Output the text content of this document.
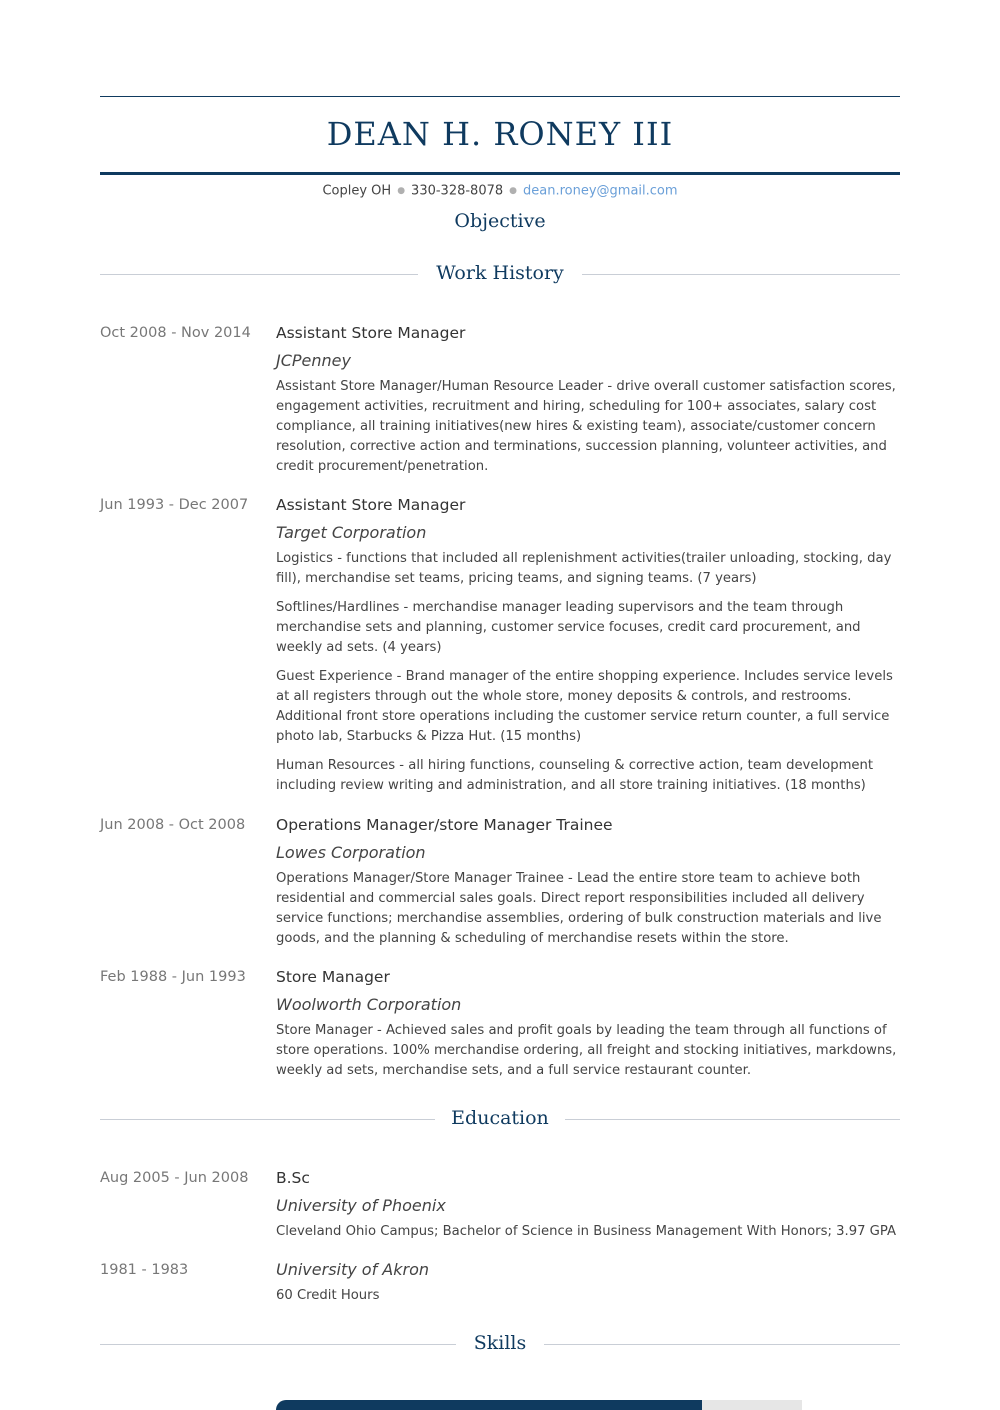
DEAN H. RONEY III
Copley OH ● 330-328-8078 ● dean.roney@gmail.com
Objective
Work History
Oct 2008 - Nov 2014	Assistant Store Manager

JCPenney

Assistant Store Manager/Human Resource Leader - drive overall customer satisfaction scores, engagement activities, recruitment and hiring, scheduling for 100+ associates, salary cost compliance, all training initiatives(new hires & existing team), associate/customer concern resolution, corrective action and terminations, succession planning, volunteer activities, and credit procurement/penetration.

Jun 1993 - Dec 2007	Assistant Store Manager

Target Corporation

Logistics - functions that included all replenishment activities(trailer unloading, stocking, day fill), merchandise set teams, pricing teams, and signing teams. (7 years)

Softlines/Hardlines - merchandise manager leading supervisors and the team through merchandise sets and planning, customer service focuses, credit card procurement, and weekly ad sets. (4 years)

Guest Experience - Brand manager of the entire shopping experience. Includes service levels at all registers through out the whole store, money deposits & controls, and restrooms. Additional front store operations including the customer service return counter, a full service photo lab, Starbucks & Pizza Hut. (15 months)

Human Resources - all hiring functions, counseling & corrective action, team development including review writing and administration, and all store training initiatives. (18 months)

Jun 2008 - Oct 2008	Operations Manager/store Manager Trainee

Lowes Corporation

Operations Manager/Store Manager Trainee - Lead the entire store team to achieve both residential and commercial sales goals. Direct report responsibilities included all delivery service functions; merchandise assemblies, ordering of bulk construction materials and live goods, and the planning & scheduling of merchandise resets within the store.

Feb 1988 - Jun 1993	Store Manager

Woolworth Corporation

Store Manager - Achieved sales and profit goals by leading the team through all functions of store operations. 100% merchandise ordering, all freight and stocking initiatives, markdowns, weekly ad sets, merchandise sets, and a full service restaurant counter.

Education
Aug 2005 - Jun 2008	B.Sc

University of Phoenix

Cleveland Ohio Campus; Bachelor of Science in Business Management With Honors; 3.97 GPA

1981 - 1983	University of Akron

60 Credit Hours

Skills
